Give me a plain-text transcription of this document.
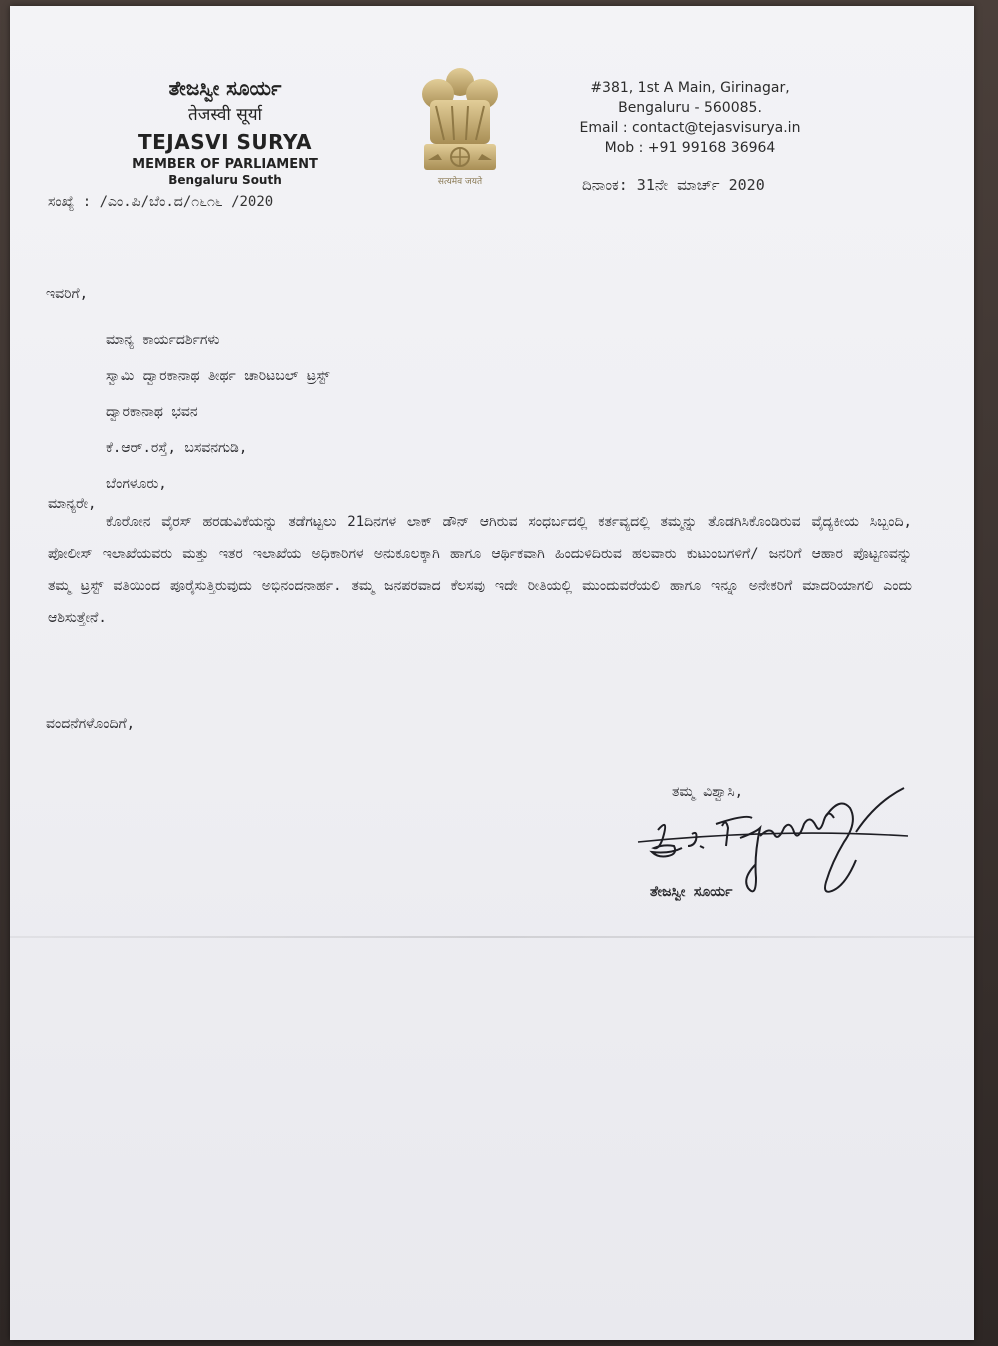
ತೇಜಸ್ವೀ ಸೂರ್ಯ
तेजस्वी सूर्या
TEJASVI SURYA
MEMBER OF PARLIAMENT
Bengaluru South	सत्यमेव जयते
#381, 1st A Main, Girinagar,
Bengaluru - 560085.
Email : contact@tejasvisurya.in
Mob : +91 99168 36964
ಸಂಖ್ಯೆ : /ಎಂ.ಪಿ/ಬೆಂ.ದ/೧೬೧೬ /2020
ದಿನಾಂಕ: 31ನೇ ಮಾರ್ಚ್ 2020
ಇವರಿಗೆ,
ಮಾನ್ಯ ಕಾರ್ಯದರ್ಶಿಗಳು
ಸ್ವಾಮಿ ದ್ವಾರಕಾನಾಥ ತೀರ್ಥ ಚಾರಿಟಬಲ್ ಟ್ರಸ್ಟ್
ದ್ವಾರಕಾನಾಥ ಭವನ
ಕೆ.ಆರ್.ರಸ್ತೆ, ಬಸವನಗುಡಿ,
ಬೆಂಗಳೂರು,
ಮಾನ್ಯರೇ,
ಕೊರೋನ ವೈರಸ್ ಹರಡುವಿಕೆಯನ್ನು ತಡೆಗಟ್ಟಲು 21ದಿನಗಳ ಲಾಕ್ ಡೌನ್ ಆಗಿರುವ ಸಂಧರ್ಬದಲ್ಲಿ ಕರ್ತವ್ಯದಲ್ಲಿ ತಮ್ಮನ್ನು ತೊಡಗಿಸಿಕೊಂಡಿರುವ ವೈದ್ಯಕೀಯ ಸಿಬ್ಬಂದಿ, ಪೋಲೀಸ್ ಇಲಾಖೆಯವರು ಮತ್ತು ಇತರ ಇಲಾಖೆಯ ಅಧಿಕಾರಿಗಳ ಅನುಕೂಲಕ್ಕಾಗಿ ಹಾಗೂ ಆರ್ಥಿಕವಾಗಿ ಹಿಂದುಳಿದಿರುವ ಹಲವಾರು ಕುಟುಂಬಗಳಿಗೆ/ ಜನರಿಗೆ ಆಹಾರ ಪೊಟ್ಟಣವನ್ನು ತಮ್ಮ ಟ್ರಸ್ಟ್ ವತಿಯಿಂದ ಪೂರೈಸುತ್ತಿರುವುದು ಅಭಿನಂದನಾರ್ಹ. ತಮ್ಮ ಜನಪರವಾದ ಕೆಲಸವು ಇದೇ ರೀತಿಯಲ್ಲಿ ಮುಂದುವರೆಯಲಿ ಹಾಗೂ ಇನ್ನೂ ಅನೇಕರಿಗೆ ಮಾದರಿಯಾಗಲಿ ಎಂದು ಆಶಿಸುತ್ತೇನೆ.
ವಂದನೆಗಳೊಂದಿಗೆ,
ತಮ್ಮ ವಿಶ್ವಾಸಿ,
ತೇಜಸ್ವೀ ಸೂರ್ಯ
